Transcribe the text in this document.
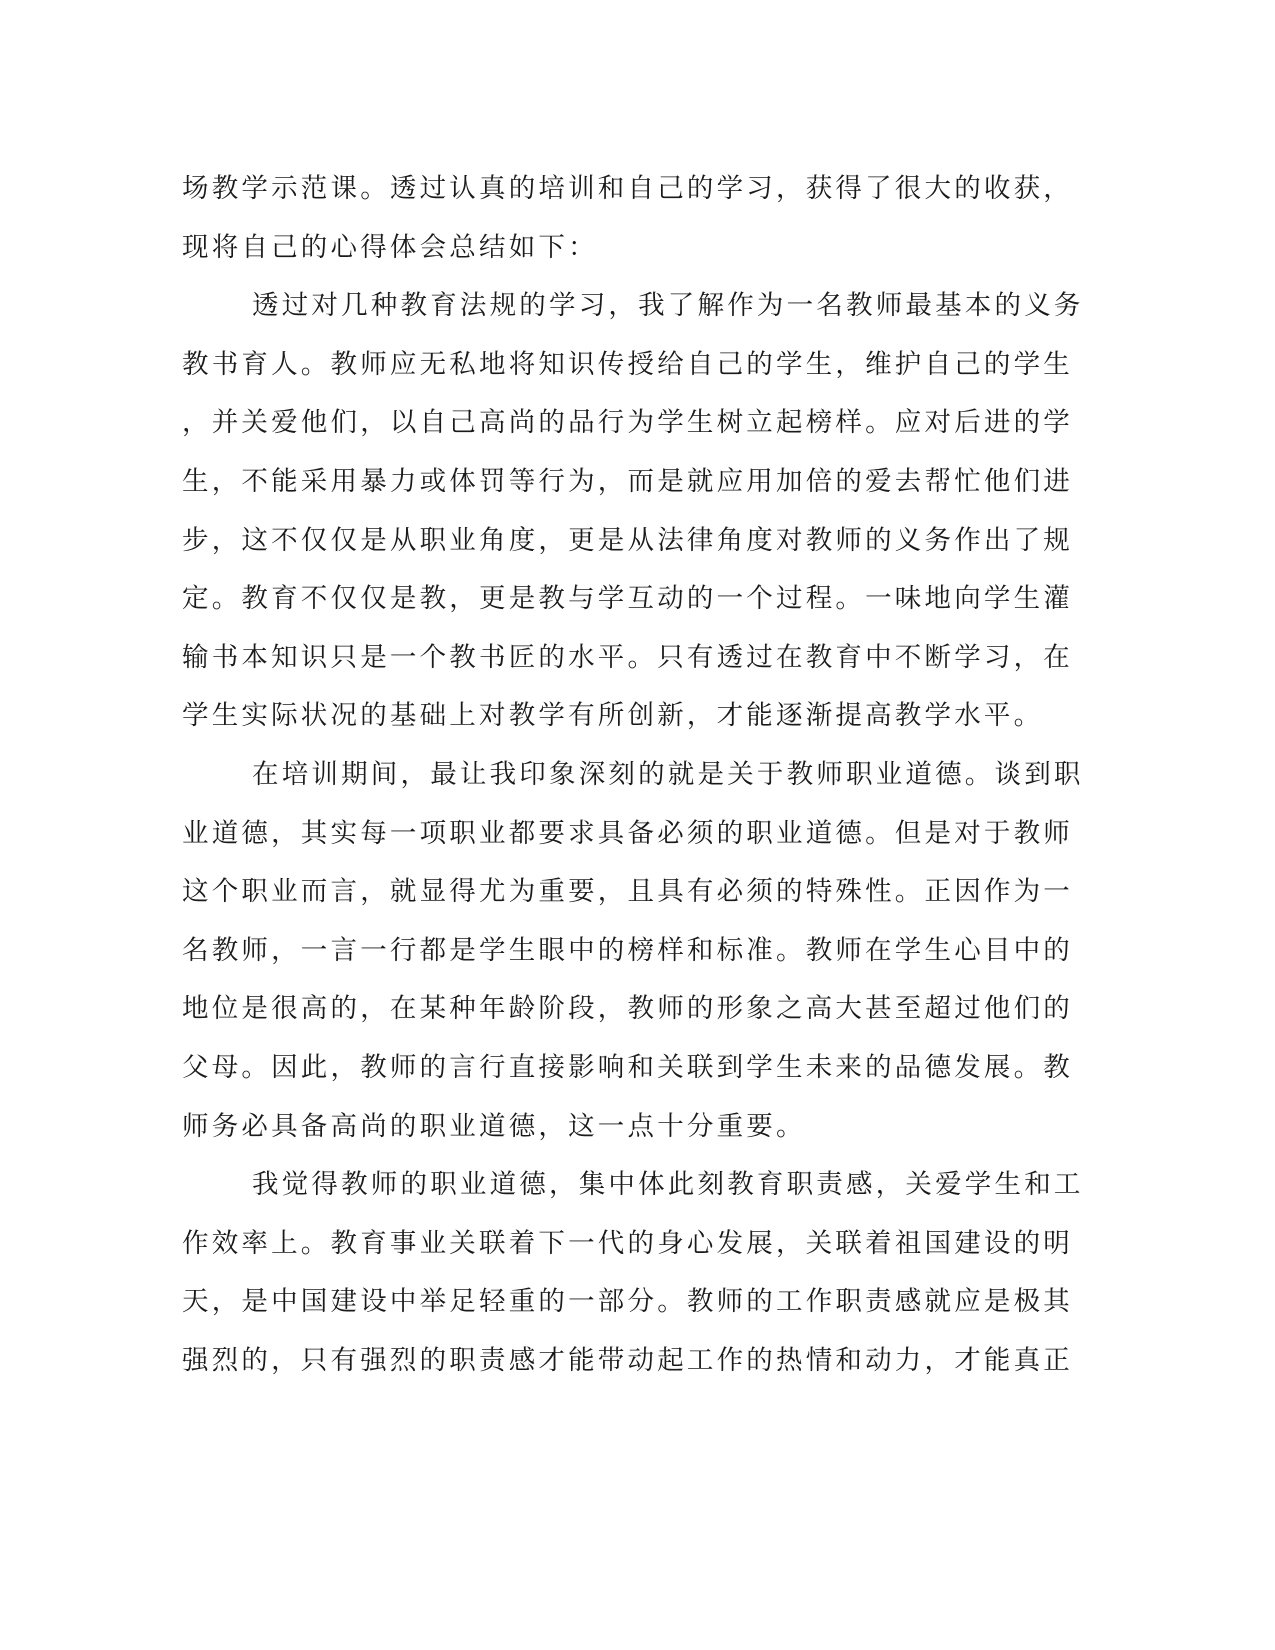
场教学示范课。透过认真的培训和自己的学习，获得了很大的收获，
现将自己的心得体会总结如下：
透过对几种教育法规的学习，我了解作为一名教师最基本的义务
教书育人。教师应无私地将知识传授给自己的学生，维护自己的学生
，并关爱他们，以自己高尚的品行为学生树立起榜样。应对后进的学
生，不能采用暴力或体罚等行为，而是就应用加倍的爱去帮忙他们进
步，这不仅仅是从职业角度，更是从法律角度对教师的义务作出了规
定。教育不仅仅是教，更是教与学互动的一个过程。一味地向学生灌
输书本知识只是一个教书匠的水平。只有透过在教育中不断学习，在
学生实际状况的基础上对教学有所创新，才能逐渐提高教学水平。
在培训期间，最让我印象深刻的就是关于教师职业道德。谈到职
业道德，其实每一项职业都要求具备必须的职业道德。但是对于教师
这个职业而言，就显得尤为重要，且具有必须的特殊性。正因作为一
名教师，一言一行都是学生眼中的榜样和标准。教师在学生心目中的
地位是很高的，在某种年龄阶段，教师的形象之高大甚至超过他们的
父母。因此，教师的言行直接影响和关联到学生未来的品德发展。教
师务必具备高尚的职业道德，这一点十分重要。
我觉得教师的职业道德，集中体此刻教育职责感，关爱学生和工
作效率上。教育事业关联着下一代的身心发展，关联着祖国建设的明
天，是中国建设中举足轻重的一部分。教师的工作职责感就应是极其
强烈的，只有强烈的职责感才能带动起工作的热情和动力，才能真正
